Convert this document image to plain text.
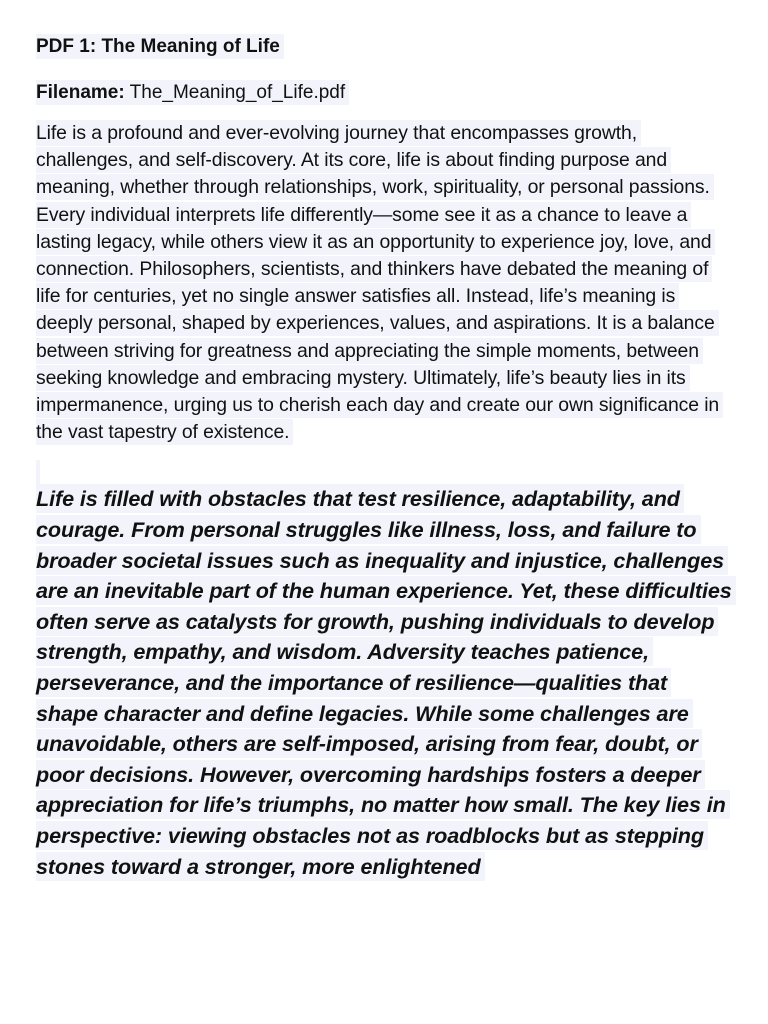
PDF 1: The Meaning of Life

Filename: The_Meaning_of_Life.pdf

Life is a profound and ever-evolving journey that encompasses growth, challenges, and self-discovery. At its core, life is about finding purpose and meaning, whether through relationships, work, spirituality, or personal passions. Every individual interprets life differently—some see it as a chance to leave a lasting legacy, while others view it as an opportunity to experience joy, love, and connection. Philosophers, scientists, and thinkers have debated the meaning of life for centuries, yet no single answer satisfies all. Instead, life’s meaning is deeply personal, shaped by experiences, values, and aspirations. It is a balance between striving for greatness and appreciating the simple moments, between seeking knowledge and embracing mystery. Ultimately, life’s beauty lies in its impermanence, urging us to cherish each day and create our own significance in the vast tapestry of existence.

Life is filled with obstacles that test resilience, adaptability, and courage. From personal struggles like illness, loss, and failure to broader societal issues such as inequality and injustice, challenges are an inevitable part of the human experience. Yet, these difficulties often serve as catalysts for growth, pushing individuals to develop strength, empathy, and wisdom. Adversity teaches patience, perseverance, and the importance of resilience—qualities that shape character and define legacies. While some challenges are unavoidable, others are self-imposed, arising from fear, doubt, or poor decisions. However, overcoming hardships fosters a deeper appreciation for life’s triumphs, no matter how small. The key lies in perspective: viewing obstacles not as roadblocks but as stepping stones toward a stronger, more enlightened
